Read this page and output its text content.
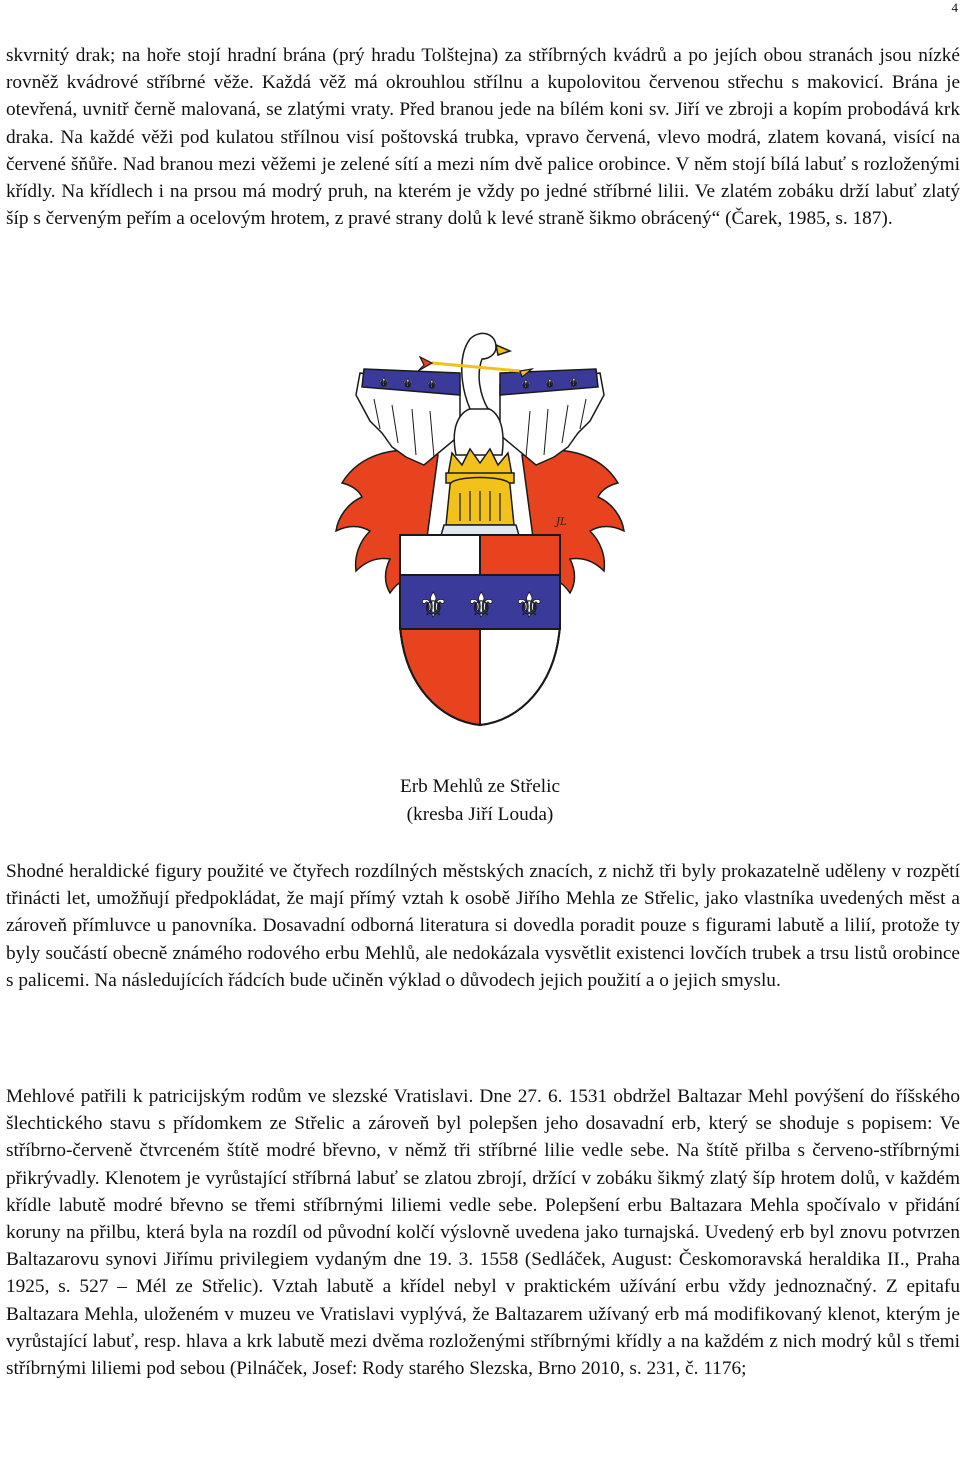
4

skvrnitý drak; na hoře stojí hradní brána (prý hradu Tolštejna) za stříbrných kvádrů a po jejích obou stranách jsou nízké rovněž kvádrové stříbrné věže. Každá věž má okrouhlou střílnu a kupolovitou červenou střechu s makovicí. Brána je otevřená, uvnitř černě malovaná, se zlatými vraty. Před branou jede na bílém koni sv. Jiří ve zbroji a kopím probodává krk draka. Na každé věži pod kulatou střílnou visí poštovská trubka, vpravo červená, vlevo modrá, zlatem kovaná, visící na červené šňůře. Nad branou mezi věžemi je zelené sítí a mezi ním dvě palice orobince. V něm stojí bílá labuť s rozloženými křídly. Na křídlech i na prsou má modrý pruh, na kterém je vždy po jedné stříbrné lilii. Ve zlatém zobáku drží labuť zlatý šíp s červeným peřím a ocelovým hrotem, z pravé strany dolů k levé straně šikmo obrácený“ (Čarek, 1985, s. 187).

⚜ ⚜ ⚜	⚜ ⚜ ⚜
⚜ ⚜ ⚜
JL
Erb Mehlů ze Střelic
(kresba Jiří Louda)

Shodné heraldické figury použité ve čtyřech rozdílných městských znacích, z nichž tři byly prokazatelně uděleny v rozpětí třinácti let, umožňují předpokládat, že mají přímý vztah k osobě Jiřího Mehla ze Střelic, jako vlastníka uvedených měst a zároveň přímluvce u panovníka. Dosavadní odborná literatura si dovedla poradit pouze s figurami labutě a lilií, protože ty byly součástí obecně známého rodového erbu Mehlů, ale nedokázala vysvětlit existenci lovčích trubek a trsu listů orobince s palicemi. Na následujících řádcích bude učiněn výklad o důvodech jejich použití a o jejich smyslu.

Mehlové patřili k patricijským rodům ve slezské Vratislavi. Dne 27. 6. 1531 obdržel Baltazar Mehl povýšení do říšského šlechtického stavu s přídomkem ze Střelic a zároveň byl polepšen jeho dosavadní erb, který se shoduje s popisem: Ve stříbrno-červeně čtvrceném štítě modré břevno, v němž tři stříbrné lilie vedle sebe. Na štítě přilba s červeno-stříbrnými přikrývadly. Klenotem je vyrůstající stříbrná labuť se zlatou zbrojí, držící v zobáku šikmý zlatý šíp hrotem dolů, v každém křídle labutě modré břevno se třemi stříbrnými liliemi vedle sebe. Polepšení erbu Baltazara Mehla spočívalo v přidání koruny na přilbu, která byla na rozdíl od původní kolčí výslovně uvedena jako turnajská. Uvedený erb byl znovu potvrzen Baltazarovu synovi Jiřímu privilegiem vydaným dne 19. 3. 1558 (Sedláček, August: Českomoravská heraldika II., Praha 1925, s. 527 – Mél ze Střelic). Vztah labutě a křídel nebyl v praktickém užívání erbu vždy jednoznačný. Z epitafu Baltazara Mehla, uloženém v muzeu ve Vratislavi vyplývá, že Baltazarem užívaný erb má modifikovaný klenot, kterým je vyrůstající labuť, resp. hlava a krk labutě mezi dvěma rozloženými stříbrnými křídly a na každém z nich modrý kůl s třemi stříbrnými liliemi pod sebou (Pilnáček, Josef: Rody starého Slezska, Brno 2010, s. 231, č. 1176;
